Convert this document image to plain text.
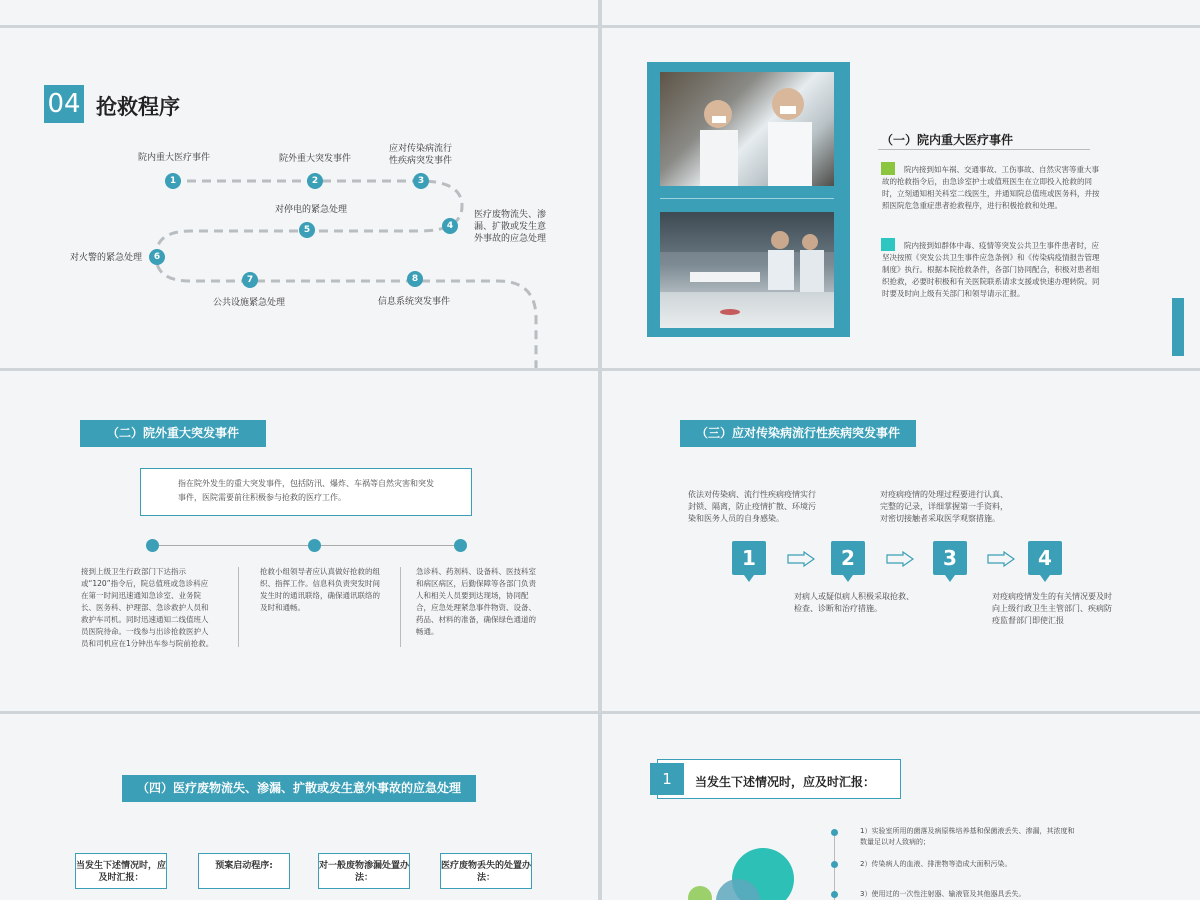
04 抢救程序
1	2	3
4
5
6
7	8
院内重大医疗事件	院外重大突发事件
应对传染病流行性疾病突发事件
医疗废物流失、渗漏、扩散或发生意外事故的应急处理
对停电的紧急处理
对火警的紧急处理
公共设施紧急处理	信息系统突发事件
（一）院内重大医疗事件
院内接到如车祸、交通事故、工伤事故、自然灾害等重大事故的抢救指令后，由急诊室护士或值班医生在立即投入抢救的同时，立刻通知相关科室二线医生，并通知院总值班或医务科，并按照医院危急重症患者抢救程序，进行积极抢救和处理。
院内接到如群体中毒、疫情等突发公共卫生事件患者时，应坚决按照《突发公共卫生事件应急条例》和《传染病疫情报告管理制度》执行。根据本院抢救条件，各部门协同配合，积极对患者组织抢救，必要时积极和有关医院联系请求支援或快速办理转院。同时要及时向上级有关部门和领导请示汇报。
（二）院外重大突发事件
指在院外发生的重大突发事件，包括防汛、爆炸、车祸等自然灾害和突发事件，医院需要前往积极参与抢救的医疗工作。
接到上级卫生行政部门下达指示或“120”指令后，院总值班或急诊科应在第一时间迅速通知急诊室、业务院长、医务科、护理部、急诊救护人员和救护车司机。同时迅速通知二线值班人员医院待命。一线参与出诊抢救医护人员和司机应在1分钟出车参与院前抢救。
抢救小组领导者应认真做好抢救的组织、指挥工作。信息科负责突发时间发生时的通讯联络，确保通讯联络的及时和通畅。
急诊科、药剂科、设备科、医技科室和病区病区，后勤保障等各部门负责人和相关人员要到达现场，协同配合，应急处理紧急事件物资、设备、药品、材料的准备，确保绿色通道的畅通。
（三）应对传染病流行性疾病突发事件
依法对传染病、流行性疾病疫情实行封锁、隔离，防止疫情扩散、环境污染和医务人员的自身感染。
对疫病疫情的处理过程要进行认真、完整的记录，详细掌握第一手资料，对密切接触者采取医学观察措施。
1	2	3	4
对病人或疑似病人积极采取抢救、检查、诊断和治疗措施。
对疫病疫情发生的有关情况要及时向上级行政卫生主管部门、疾病防疫监督部门即使汇报
（四）医疗废物流失、渗漏、扩散或发生意外事故的应急处理
当发生下述情况时，应及时汇报：
预案启动程序:	对一般废物渗漏处置办法：
医疗废物丢失的处置办法：
1	当发生下述情况时，应及时汇报：
1）实验室所用的菌落及病原株培养基和保菌液丢失、渗漏，其浓度和数量足以对人致病的；
2）传染病人的血液、排泄物等造成大面积污染。
3）使用过的一次性注射器、输液管及其他器具丢失。
